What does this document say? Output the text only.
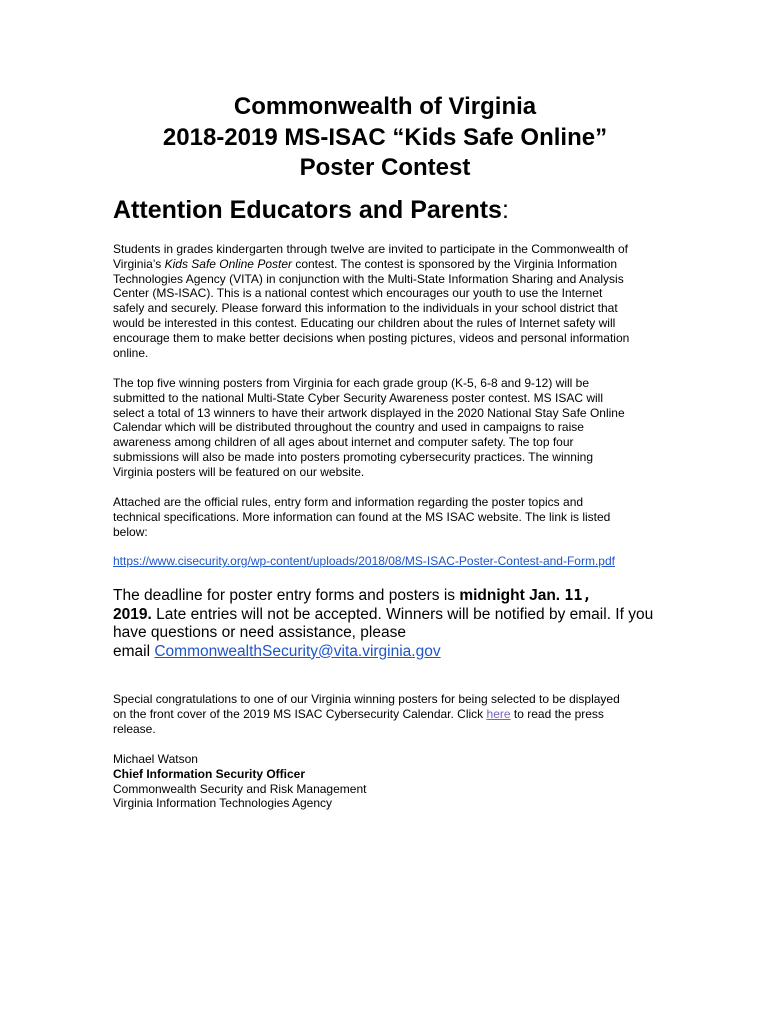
Commonwealth of Virginia
2018-2019 MS-ISAC “Kids Safe Online”
Poster Contest
Attention Educators and Parents:
Students in grades kindergarten through twelve are invited to participate in the Commonwealth of
Virginia’s Kids Safe Online Poster contest. The contest is sponsored by the Virginia Information
Technologies Agency (VITA) in conjunction with the Multi-State Information Sharing and Analysis
Center (MS-ISAC). This is a national contest which encourages our youth to use the Internet
safely and securely. Please forward this information to the individuals in your school district that
would be interested in this contest. Educating our children about the rules of Internet safety will
encourage them to make better decisions when posting pictures, videos and personal information
online.
The top five winning posters from Virginia for each grade group (K-5, 6-8 and 9-12) will be
submitted to the national Multi-State Cyber Security Awareness poster contest. MS ISAC will
select a total of 13 winners to have their artwork displayed in the 2020 National Stay Safe Online
Calendar which will be distributed throughout the country and used in campaigns to raise
awareness among children of all ages about internet and computer safety. The top four
submissions will also be made into posters promoting cybersecurity practices. The winning
Virginia posters will be featured on our website.
Attached are the official rules, entry form and information regarding the poster topics and
technical specifications. More information can found at the MS ISAC website. The link is listed
below:
https://www.cisecurity.org/wp-content/uploads/2018/08/MS-ISAC-Poster-Contest-and-Form.pdf
The deadline for poster entry forms and posters is midnight Jan. 11,
2019. Late entries will not be accepted. Winners will be notified by email. If you
have questions or need assistance, please
email CommonwealthSecurity@vita.virginia.gov
Special congratulations to one of our Virginia winning posters for being selected to be displayed
on the front cover of the 2019 MS ISAC Cybersecurity Calendar. Click here to read the press
release.
Michael Watson
Chief Information Security Officer
Commonwealth Security and Risk Management
Virginia Information Technologies Agency
